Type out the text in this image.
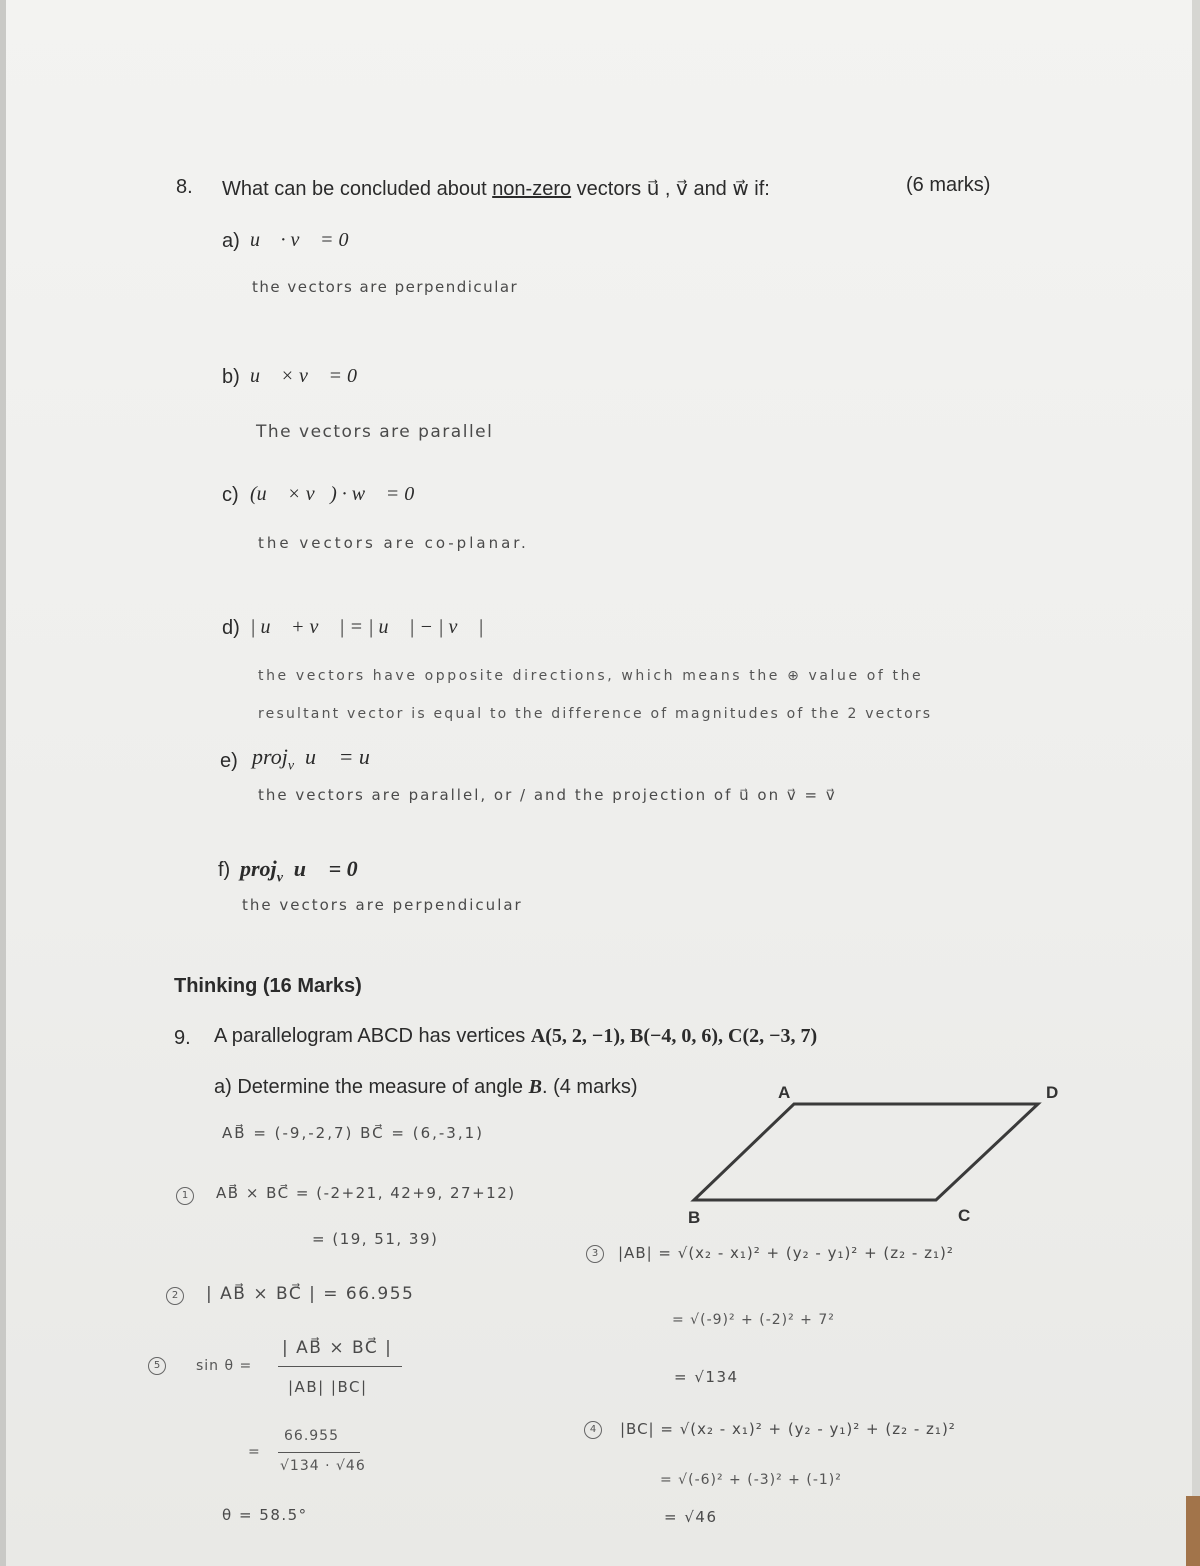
8. What can be concluded about non-zero vectors u⃗ , v⃗ and w⃗ if:	(6 marks)
a) u⃗ · v⃗ = 0
the vectors are perpendicular
b) u⃗ × v⃗ = 0
The vectors are parallel
c) (u⃗ × v⃗) · w⃗ = 0
the vectors are co-planar.
d) | u⃗ + v⃗ | = | u⃗ | − | v⃗ |
the vectors have opposite directions, which means the ⊕ value of the
resultant vector is equal to the difference of magnitudes of the 2 vectors
e) proj$_{v⃗}$u⃗ = u⃗
the vectors are parallel, or / and the projection of u⃗ on v⃗ = v⃗
f) proj$_{v⃗}$u⃗ = 0⃗
the vectors are perpendicular
Thinking (16 Marks)
9. A parallelogram ABCD has vertices A(5, 2, −1), B(−4, 0, 6), C(2, −3, 7)
a) Determine the measure of angle B. (4 marks)	A	D
B	C
AB⃗ = (-9,-2,7) BC⃗ = (6,-3,1)
1	AB⃗ × BC⃗ = (-2+21, 42+9, 27+12)
= (19, 51, 39)
2	| AB⃗ × BC⃗ | = 66.955
5	sin θ =
| AB⃗ × BC⃗ |
|AB| |BC|
=
66.955
√134 · √46
θ = 58.5°
3	|AB| = √(x₂ - x₁)² + (y₂ - y₁)² + (z₂ - z₁)²
= √(-9)² + (-2)² + 7²
= √134
4	|BC| = √(x₂ - x₁)² + (y₂ - y₁)² + (z₂ - z₁)²
= √(-6)² + (-3)² + (-1)²
= √46
